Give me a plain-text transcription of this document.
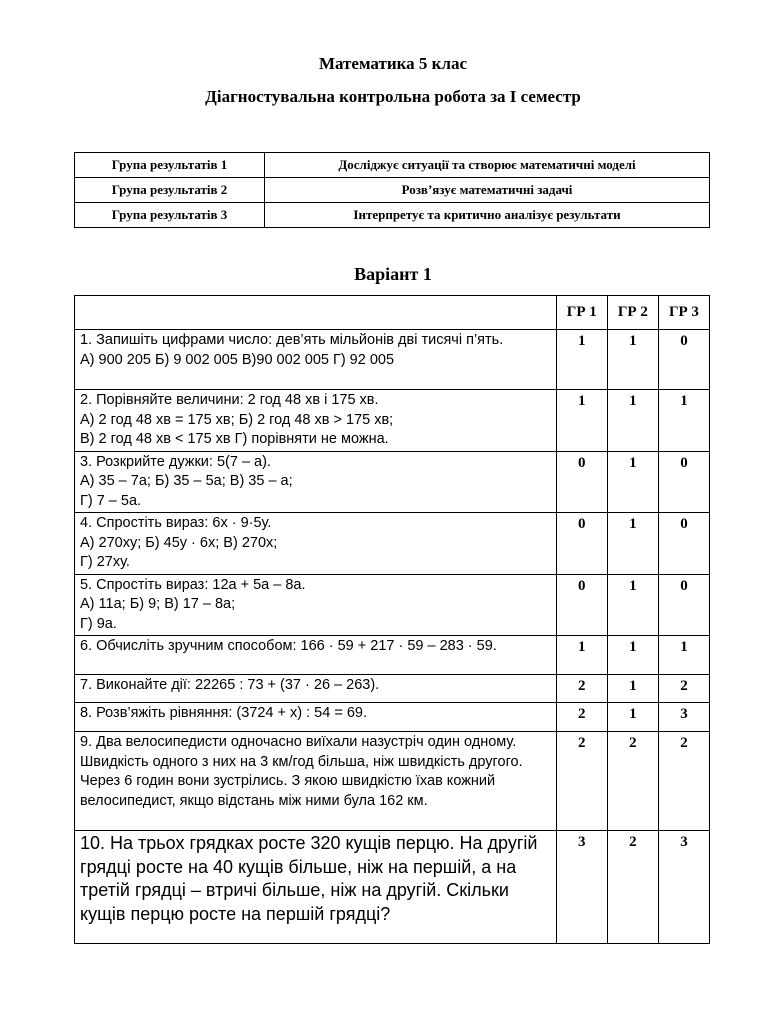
Математика 5 клас
Діагностувальна контрольна робота за І семестр
Група результатів 1	Досліджує ситуації та створює математичні моделі
Група результатів 2	Розв’язує математичні задачі
Група результатів 3	Інтерпретує та критично аналізує результати
Варіант 1
	ГР 1	ГР 2	ГР 3

1. Запишіть цифрами число: дев’ять мільйонів дві тисячі п’ять.
А) 900 205 Б) 9 002 005 В)90 002 005 Г) 92 005	1	1	0

2. Порівняйте величини: 2 год 48 хв і 175 хв.
А) 2 год 48 хв = 175 хв; Б) 2 год 48 хв > 175 хв;
В) 2 год 48 хв < 175 хв Г) порівняти не можна.	1	1	1

3. Розкрийте дужки: 5(7 – а).
А) 35 – 7а; Б) 35 – 5а; В) 35 – а;
Г) 7 – 5а.	0	1	0

4. Спростіть вираз: 6х · 9·5у.
А) 270ху; Б) 45у · 6х; В) 270х;
Г) 27ху.	0	1	0

5. Спростіть вираз: 12а + 5а – 8а.
А) 11а; Б) 9; В) 17 – 8а;
Г) 9а.	0	1	0

6. Обчисліть зручним способом: 166 · 59 + 217 · 59 – 283 · 59.	1	1	1

7. Виконайте дії: 22265 : 73 + (37 · 26 – 263).	2	1	2

8. Розв’яжіть рівняння: (3724 + х) : 54 = 69.	2	1	3

9. Два велосипедисти одночасно виїхали назустріч один одному. Швидкість одного з них на 3 км/год більша, ніж швидкість другого. Через 6 годин вони зустрілись. З якою швидкістю їхав кожний велосипедист, якщо відстань між ними була 162 км.	2	2	2

10. На трьох грядках росте 320 кущів перцю. На другій грядці росте на 40 кущів більше, ніж на першій, а на третій грядці – втричі більше, ніж на другій. Скільки кущів перцю росте на першій грядці?	3	2	3
